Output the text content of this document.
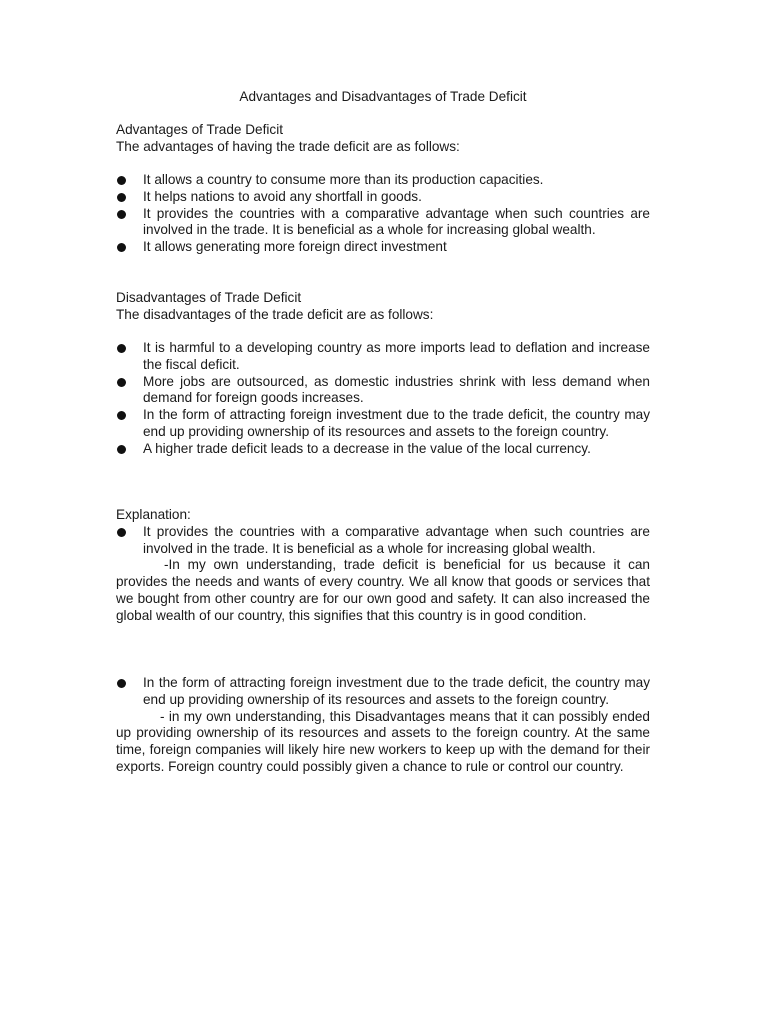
Advantages and Disadvantages of Trade Deficit

Advantages of Trade Deficit

The advantages of having the trade deficit are as follows:

It allows a country to consume more than its production capacities.
It helps nations to avoid any shortfall in goods.
It provides the countries with a comparative advantage when such countries are involved in the trade. It is beneficial as a whole for increasing global wealth.
It allows generating more foreign direct investment

Disadvantages of Trade Deficit

The disadvantages of the trade deficit are as follows:

It is harmful to a developing country as more imports lead to deflation and increase the fiscal deficit.
More jobs are outsourced, as domestic industries shrink with less demand when demand for foreign goods increases.
In the form of attracting foreign investment due to the trade deficit, the country may end up providing ownership of its resources and assets to the foreign country.
A higher trade deficit leads to a decrease in the value of the local currency.

Explanation:

It provides the countries with a comparative advantage when such countries are involved in the trade. It is beneficial as a whole for increasing global wealth.

-In my own understanding, trade deficit is beneficial for us because it can provides the needs and wants of every country. We all know that goods or services that we bought from other country are for our own good and safety. It can also increased the global wealth of our country, this signifies that this country is in good condition.

In the form of attracting foreign investment due to the trade deficit, the country may end up providing ownership of its resources and assets to the foreign country.

- in my own understanding, this Disadvantages means that it can possibly ended up providing ownership of its resources and assets to the foreign country. At the same time, foreign companies will likely hire new workers to keep up with the demand for their exports. Foreign country could possibly given a chance to rule or control our country.
